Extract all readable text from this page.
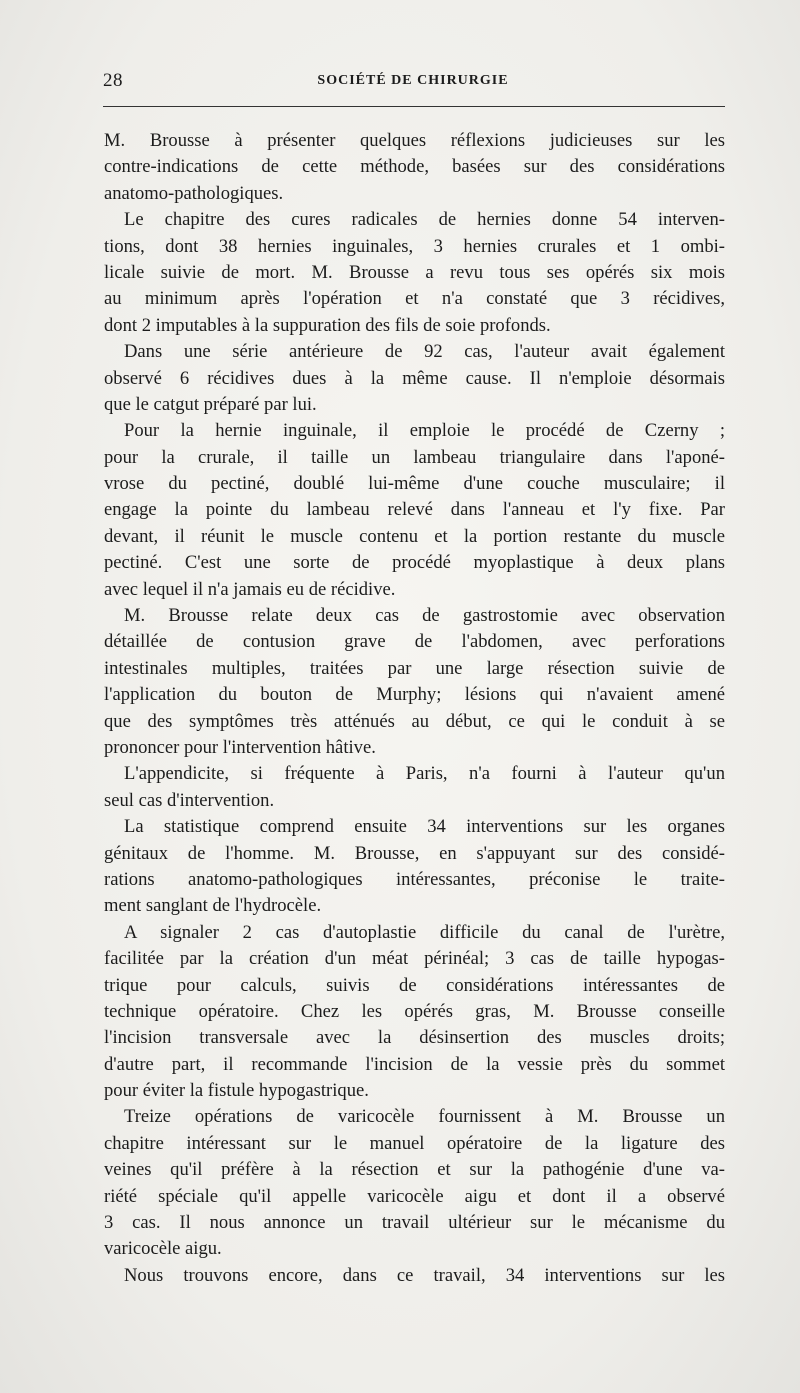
28	SOCIÉTÉ DE CHIRURGIE
M. Brousse à présenter quelques réflexions judicieuses sur les
contre-indications de cette méthode, basées sur des considérations
anatomo-pathologiques.
Le chapitre des cures radicales de hernies donne 54 interven-
tions, dont 38 hernies inguinales, 3 hernies crurales et 1 ombi-
licale suivie de mort. M. Brousse a revu tous ses opérés six mois
au minimum après l'opération et n'a constaté que 3 récidives,
dont 2 imputables à la suppuration des fils de soie profonds.
Dans une série antérieure de 92 cas, l'auteur avait également
observé 6 récidives dues à la même cause. Il n'emploie désormais
que le catgut préparé par lui.
Pour la hernie inguinale, il emploie le procédé de Czerny ;
pour la crurale, il taille un lambeau triangulaire dans l'aponé-
vrose du pectiné, doublé lui-même d'une couche musculaire; il
engage la pointe du lambeau relevé dans l'anneau et l'y fixe. Par
devant, il réunit le muscle contenu et la portion restante du muscle
pectiné. C'est une sorte de procédé myoplastique à deux plans
avec lequel il n'a jamais eu de récidive.
M. Brousse relate deux cas de gastrostomie avec observation
détaillée de contusion grave de l'abdomen, avec perforations
intestinales multiples, traitées par une large résection suivie de
l'application du bouton de Murphy; lésions qui n'avaient amené
que des symptômes très atténués au début, ce qui le conduit à se
prononcer pour l'intervention hâtive.
L'appendicite, si fréquente à Paris, n'a fourni à l'auteur qu'un
seul cas d'intervention.
La statistique comprend ensuite 34 interventions sur les organes
génitaux de l'homme. M. Brousse, en s'appuyant sur des considé-
rations anatomo-pathologiques intéressantes, préconise le traite-
ment sanglant de l'hydrocèle.
A signaler 2 cas d'autoplastie difficile du canal de l'urètre,
facilitée par la création d'un méat périnéal; 3 cas de taille hypogas-
trique pour calculs, suivis de considérations intéressantes de
technique opératoire. Chez les opérés gras, M. Brousse conseille
l'incision transversale avec la désinsertion des muscles droits;
d'autre part, il recommande l'incision de la vessie près du sommet
pour éviter la fistule hypogastrique.
Treize opérations de varicocèle fournissent à M. Brousse un
chapitre intéressant sur le manuel opératoire de la ligature des
veines qu'il préfère à la résection et sur la pathogénie d'une va-
riété spéciale qu'il appelle varicocèle aigu et dont il a observé
3 cas. Il nous annonce un travail ultérieur sur le mécanisme du
varicocèle aigu.
Nous trouvons encore, dans ce travail, 34 interventions sur les
